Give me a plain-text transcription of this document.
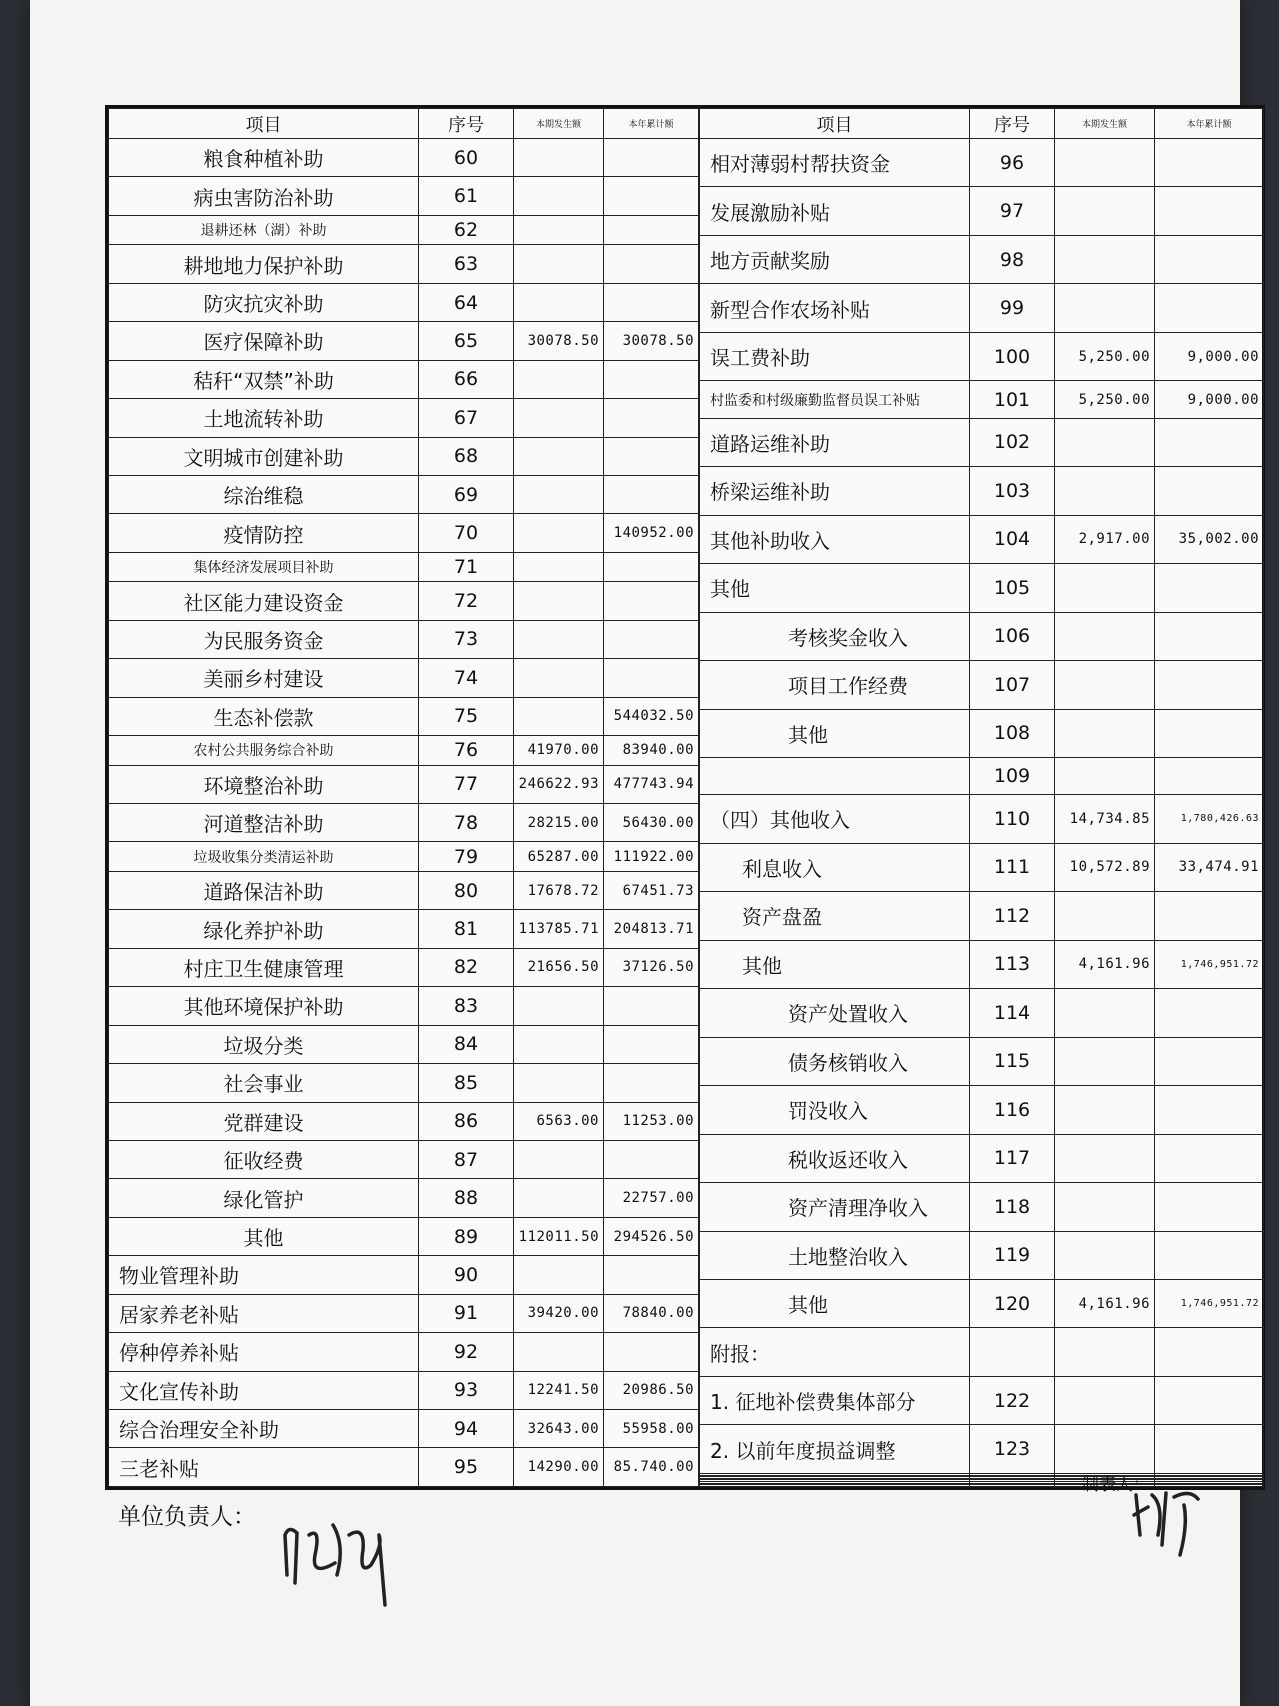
项目	序号	本期发生额	本年累计额
粮食种植补助	60		
病虫害防治补助	61		
退耕还林（湖）补助	62		
耕地地力保护补助	63		
防灾抗灾补助	64		
医疗保障补助	65	30078.50	30078.50
秸秆“双禁”补助	66		
土地流转补助	67		
文明城市创建补助	68		
综治维稳	69		
疫情防控	70		140952.00
集体经济发展项目补助	71		
社区能力建设资金	72		
为民服务资金	73		
美丽乡村建设	74		
生态补偿款	75		544032.50
农村公共服务综合补助	76	41970.00	83940.00
环境整治补助	77	246622.93	477743.94
河道整洁补助	78	28215.00	56430.00
垃圾收集分类清运补助	79	65287.00	111922.00
道路保洁补助	80	17678.72	67451.73
绿化养护补助	81	113785.71	204813.71
村庄卫生健康管理	82	21656.50	37126.50
其他环境保护补助	83		
垃圾分类	84		
社会事业	85		
党群建设	86	6563.00	11253.00
征收经费	87		
绿化管护	88		22757.00
其他	89	112011.50	294526.50
物业管理补助	90		
居家养老补贴	91	39420.00	78840.00
停种停养补贴	92		
文化宣传补助	93	12241.50	20986.50
综合治理安全补助	94	32643.00	55958.00
三老补贴	95	14290.00	85.740.00
项目	序号	本期发生额	本年累计额
相对薄弱村帮扶资金	96		
发展激励补贴	97		
地方贡献奖励	98		
新型合作农场补贴	99		
误工费补助	100	5,250.00	9,000.00
村监委和村级廉勤监督员误工补贴	101	5,250.00	9,000.00
道路运维补助	102		
桥梁运维补助	103		
其他补助收入	104	2,917.00	35,002.00
其他	105		
考核奖金收入	106		
项目工作经费	107		
其他	108		
	109		
（四）其他收入	110	14,734.85	1,780,426.63
利息收入	111	10,572.89	33,474.91
资产盘盈	112		
其他	113	4,161.96	1,746,951.72
资产处置收入	114		
债务核销收入	115		
罚没收入	116		
税收返还收入	117		
资产清理净收入	118		
土地整治收入	119		
其他	120	4,161.96	1,746,951.72
附报：			
1. 征地补偿费集体部分	122		
2. 以前年度损益调整	123		

单位负责人：
制表人：
